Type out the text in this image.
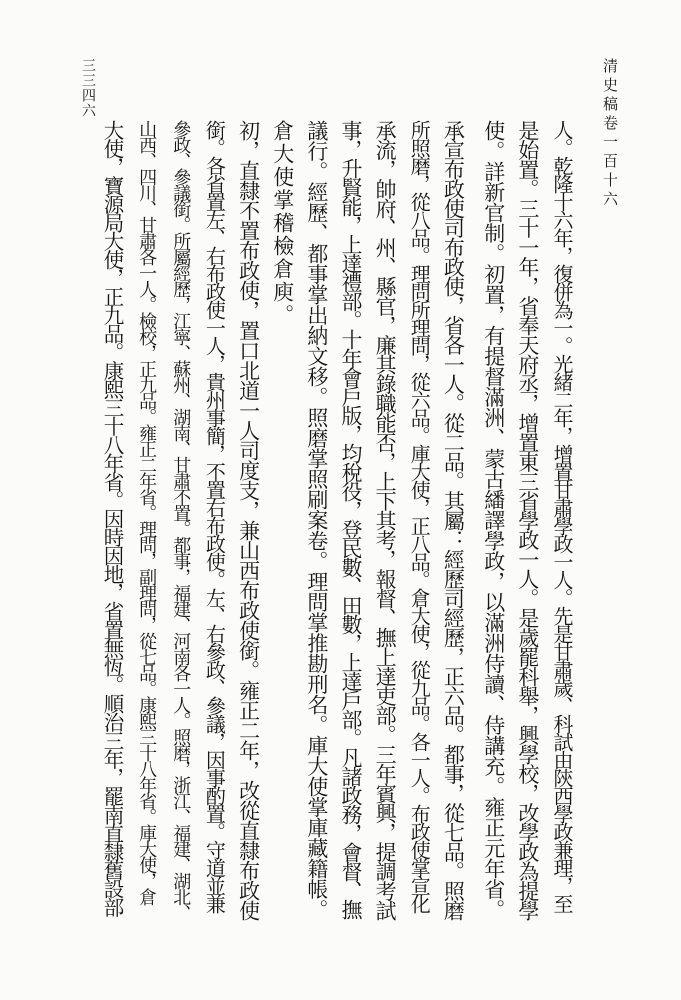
清史稿卷一百十六
三三四六
人。乾隆十六年，復併為一。光緒二年，增置甘肅學政一人。先是甘肅歲、科試由陝西學政兼理，至
是始置。三十一年，省奉天府丞，增置東三省學政一人。是歲罷科舉，興學校，改學政為提學
使。詳新官制。初置，有提督滿洲、蒙古繙譯學政，以滿洲侍讀、侍講充。雍正元年省。
承宣布政使司布政使，省各一人。從二品。其屬：經歷司經歷，正六品。都事，從七品。照磨
所照磨，從八品。理問所理問，從六品。庫大使，正八品。倉大使，從九品。各一人。布政使掌宣化
承流，帥府、州、縣官，廉其錄職能否，上下其考，報督、撫上達吏部。三年賓興，提調考試
事，升賢能，上達禮部。十年會戶版，均稅役，登民數、田數，上達戶部。凡諸政務，會督、撫
議行。經歷、都事掌出納文移。照磨掌照刷案卷。理問掌推勘刑名。庫大使掌庫藏籍帳。
倉大使掌稽檢倉庾。
初，直隸不置布政使，置口北道一人司度支，兼山西布政使銜。雍正二年，改從直隸布政使
銜。各省置左、右布政使一人，貴州事簡，不置右布政使。左、右參政、參議，因事酌置。守道並兼
參政、參議銜。所屬經歷，江寧、蘇州、湖南、甘肅不置。都事，福建、河南各一人。照磨，浙江、福建、湖北、
山西、四川、甘肅各一人。檢校，正九品。雍正二年省。理問，副理問，從七品。康熙三十八年省。庫大使，倉
大使，寶源局大使，正九品。康熙三十八年省。因時因地，省置無恆。順治三年，罷南直隸舊設部
